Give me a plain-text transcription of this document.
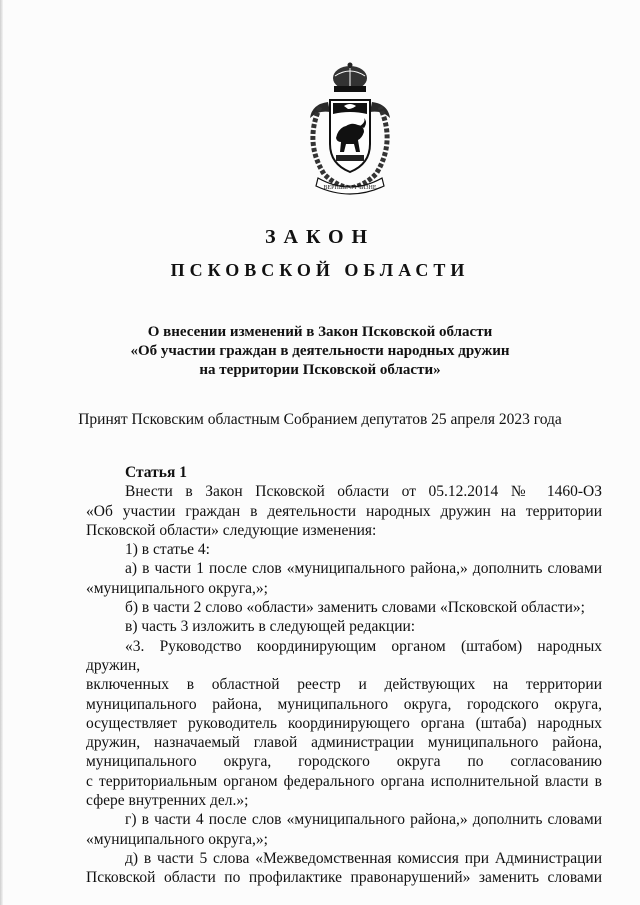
ВЕРНЫЕ ОТЧИЗНЕ
ЗАКОН
ПСКОВСКОЙ ОБЛАСТИ
О внесении изменений в Закон Псковской области
«Об участии граждан в деятельности народных дружин
на территории Псковской области»
Принят Псковским областным Собранием депутатов 25 апреля 2023 года

Статья 1

Внести в Закон Псковской области от 05.12.2014 № 1460-ОЗ

«Об участии граждан в деятельности народных дружин на территории

Псковской области» следующие изменения:

1) в статье 4:

а) в части 1 после слов «муниципального района,» дополнить словами

«муниципального округа,»;

б) в части 2 слово «области» заменить словами «Псковской области»;

в) часть 3 изложить в следующей редакции:

«3. Руководство координирующим органом (штабом) народных дружин,

включенных в областной реестр и действующих на территории

муниципального района, муниципального округа, городского округа,

осуществляет руководитель координирующего органа (штаба) народных

дружин, назначаемый главой администрации муниципального района,

муниципального округа, городского округа по согласованию

с территориальным органом федерального органа исполнительной власти в

сфере внутренних дел.»;

г) в части 4 после слов «муниципального района,» дополнить словами

«муниципального округа,»;

д) в части 5 слова «Межведомственная комиссия при Администрации

Псковской области по профилактике правонарушений» заменить словами
